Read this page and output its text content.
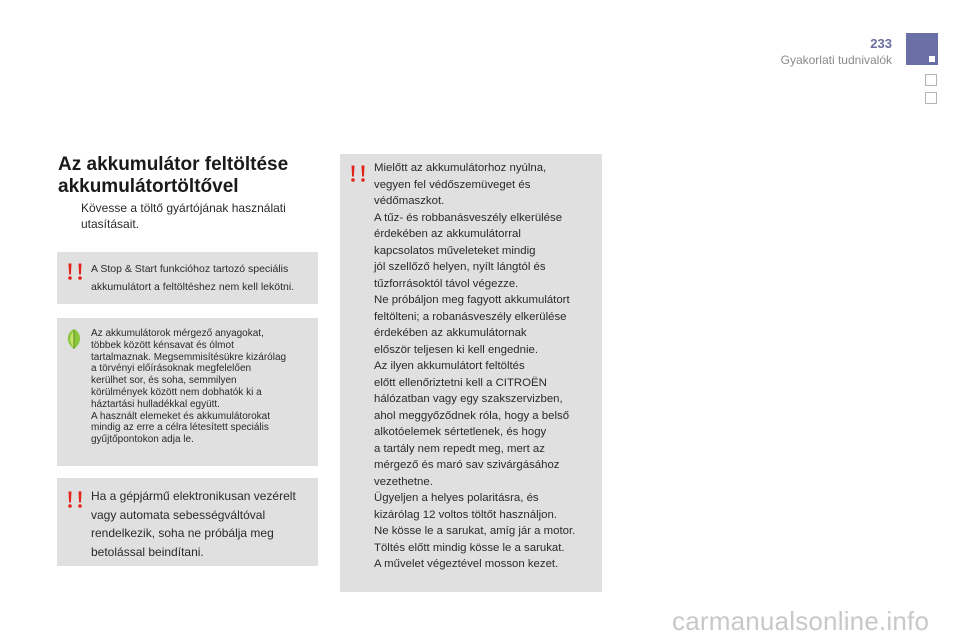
233
Gyakorlati tudnivalók
Az akkumulátor feltöltése
akkumulátortöltővel
Kövesse a töltő gyártójának használati
utasításait.
A Stop & Start funkcióhoz tartozó speciális
akkumulátort a feltöltéshez nem kell lekötni.
Az akkumulátorok mérgező anyagokat,
többek között kénsavat és ólmot
tartalmaznak. Megsemmisítésükre kizárólag
a törvényi előírásoknak megfelelően
kerülhet sor, és soha, semmilyen
körülmények között nem dobhatók ki a
háztartási hulladékkal együtt.
A használt elemeket és akkumulátorokat
mindig az erre a célra létesített speciális
gyűjtőpontokon adja le.
Ha a gépjármű elektronikusan vezérelt
vagy automata sebességváltóval
rendelkezik, soha ne próbálja meg
betolással beindítani.
Mielőtt az akkumulátorhoz nyúlna,
vegyen fel védőszemüveget és
védőmaszkot.
A tűz- és robbanásveszély elkerülése
érdekében az akkumulátorral
kapcsolatos műveleteket mindig
jól szellőző helyen, nyílt lángtól és
tűzforrásoktól távol végezze.
Ne próbáljon meg fagyott akkumulátort
feltölteni; a robanásveszély elkerülése
érdekében az akkumulátornak
először teljesen ki kell engednie.
Az ilyen akkumulátort feltöltés
előtt ellenőriztetni kell a CITROËN
hálózatban vagy egy szakszervizben,
ahol meggyőződnek róla, hogy a belső
alkotóelemek sértetlenek, és hogy
a tartály nem repedt meg, mert az
mérgező és maró sav szivárgásához
vezethetne.
Ügyeljen a helyes polaritásra, és
kizárólag 12 voltos töltőt használjon.
Ne kösse le a sarukat, amíg jár a motor.
Töltés előtt mindig kösse le a sarukat.
A művelet végeztével mosson kezet.
carmanualsonline.info
